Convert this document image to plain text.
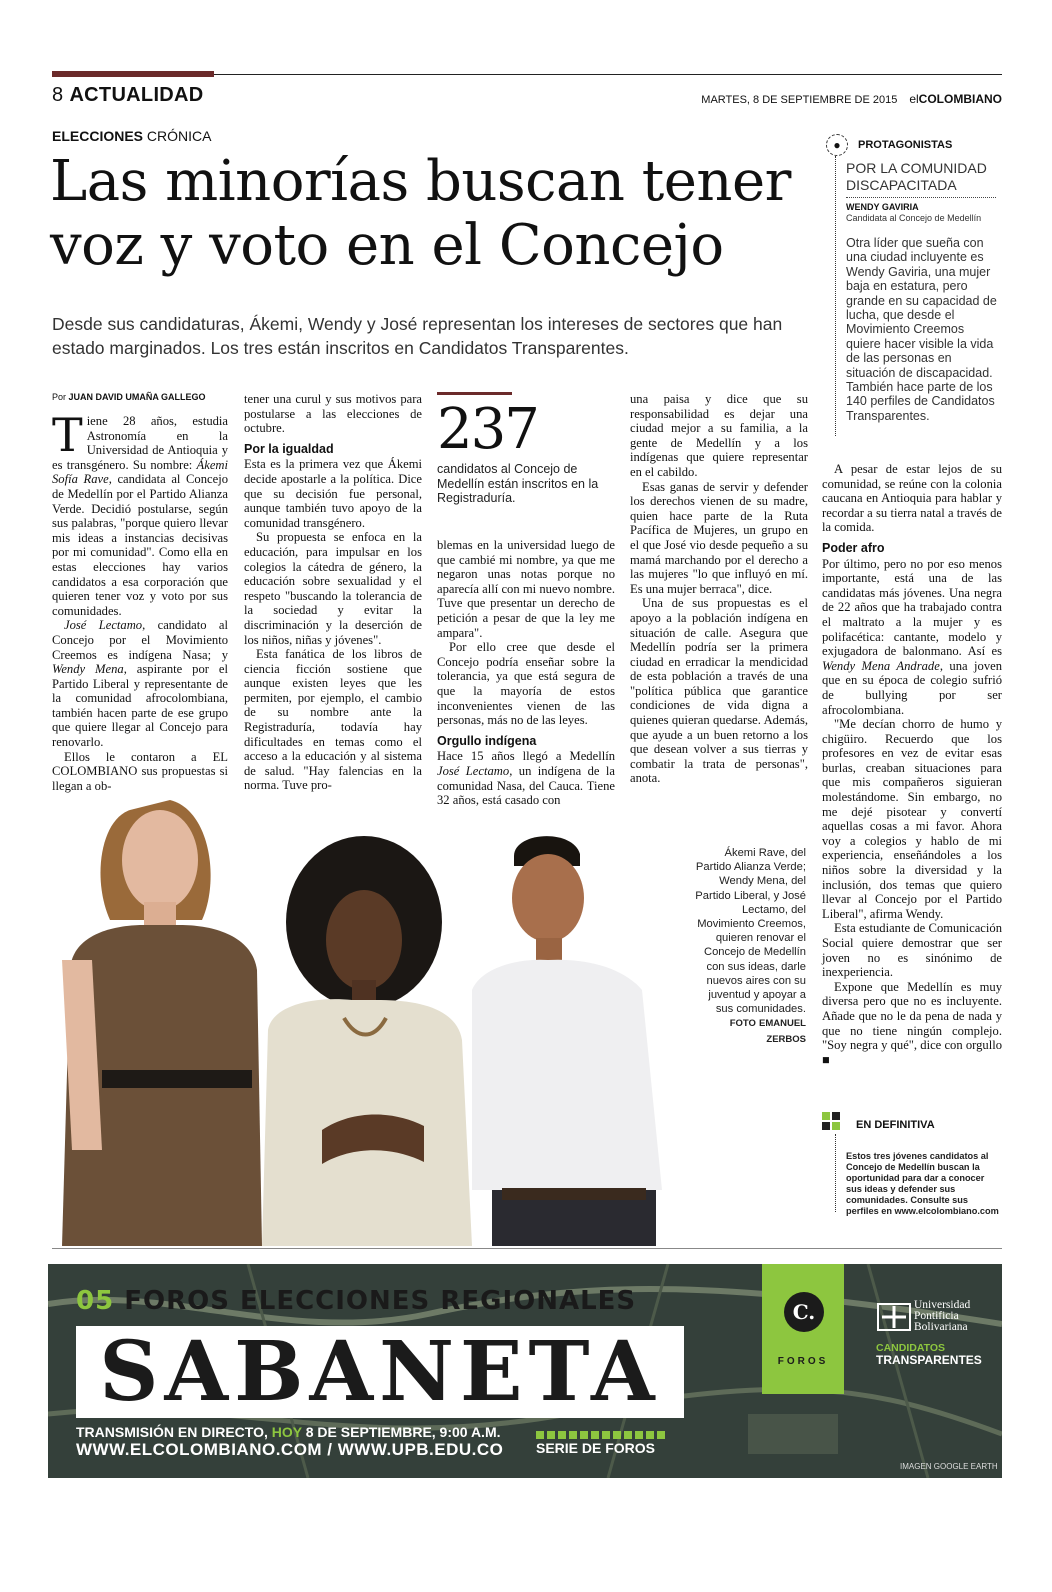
8 ACTUALIDAD	MARTES, 8 DE SEPTIEMBRE DE 2015 elCOLOMBIANO
ELECCIONES CRÓNICA
Las minorías buscan tener voz y voto en el Concejo
Desde sus candidaturas, Ákemi, Wendy y José representan los intereses de sectores que han estado marginados. Los tres están inscritos en Candidatos Transparentes.
Por JUAN DAVID UMAÑA GALLEGO

Tiene 28 años, estudia Astronomía en la Universidad de Antioquia y es transgénero. Su nombre: Ákemi Sofía Rave, candidata al Concejo de Medellín por el Partido Alianza Verde. Decidió postularse, según sus palabras, "porque quiero llevar mis ideas a instancias decisivas por mi comunidad". Como ella en estas elecciones hay varios candidatos a esa corporación que quieren tener voz y voto por sus comunidades.

José Lectamo, candidato al Concejo por el Movimiento Creemos es indígena Nasa; y Wendy Mena, aspirante por el Partido Liberal y representante de la comunidad afrocolombiana, también hacen parte de ese grupo que quiere llegar al Concejo para renovarlo.

Ellos le contaron a EL COLOMBIANO sus propuestas si llegan a ob-

tener una curul y sus motivos para postularse a las elecciones de octubre.

Por la igualdad

Esta es la primera vez que Ákemi decide apostarle a la política. Dice que su decisión fue personal, aunque también tuvo apoyo de la comunidad transgénero.

Su propuesta se enfoca en la educación, para impulsar en los colegios la cátedra de género, la educación sobre sexualidad y el respeto "buscando la tolerancia de la sociedad y evitar la discriminación y la deserción de los niños, niñas y jóvenes".

Esta fanática de los libros de ciencia ficción sostiene que aunque existen leyes que les permiten, por ejemplo, el cambio de su nombre ante la Registraduría, todavía hay dificultades en temas como el acceso a la educación y al sistema de salud. "Hay falencias en la norma. Tuve pro-

237
candidatos al Concejo de Medellín están inscritos en la Registraduría.

blemas en la universidad luego de que cambié mi nombre, ya que me negaron unas notas porque no aparecía allí con mi nuevo nombre. Tuve que presentar un derecho de petición a pesar de que la ley me ampara".

Por ello cree que desde el Concejo podría enseñar sobre la tolerancia, ya que está segura de que la mayoría de estos inconvenientes vienen de las personas, más no de las leyes.

Orgullo indígena

Hace 15 años llegó a Medellín José Lectamo, un indígena de la comunidad Nasa, del Cauca. Tiene 32 años, está casado con

una paisa y dice que su responsabilidad es dejar una ciudad mejor a su familia, a la gente de Medellín y a los indígenas que quiere representar en el cabildo.

Esas ganas de servir y defender los derechos vienen de su madre, quien hace parte de la Ruta Pacífica de Mujeres, un grupo en el que José vio desde pequeño a su mamá marchando por el derecho a las mujeres "lo que influyó en mí. Es una mujer berraca", dice.

Una de sus propuestas es el apoyo a la población indígena en situación de calle. Asegura que Medellín podría ser la primera ciudad en erradicar la mendicidad de esta población a través de una "política pública que garantice condiciones de vida digna a quienes quieran quedarse. Además, que ayude a un buen retorno a los que desean volver a sus tierras y combatir la trata de personas", anota.

●	PROTAGONISTAS
POR LA COMUNIDAD DISCAPACITADA
WENDY GAVIRIA
Candidata al Concejo de Medellín
Otra líder que sueña con una ciudad incluyente es Wendy Gaviria, una mujer baja en estatura, pero grande en su capacidad de lucha, que desde el Movimiento Creemos quiere hacer visible la vida de las personas en situación de discapacidad. También hace parte de los 140 perfiles de Candidatos Transparentes.

A pesar de estar lejos de su comunidad, se reúne con la colonia caucana en Antioquia para hablar y recordar a su tierra natal a través de la comida.

Poder afro

Por último, pero no por eso menos importante, está una de las candidatas más jóvenes. Una negra de 22 años que ha trabajado contra el maltrato a la mujer y es polifacética: cantante, modelo y exjugadora de balonmano. Así es Wendy Mena Andrade, una joven que en su época de colegio sufrió de bullying por ser afrocolombiana.

"Me decían chorro de humo y chigüiro. Recuerdo que los profesores en vez de evitar esas burlas, creaban situaciones para que mis compañeros siguieran molestándome. Sin embargo, no me dejé pisotear y convertí aquellas cosas a mi favor. Ahora voy a colegios y hablo de mi experiencia, enseñándoles a los niños sobre la diversidad y la inclusión, dos temas que quiero llevar al Concejo por el Partido Liberal", afirma Wendy.

Esta estudiante de Comunicación Social quiere demostrar que ser joven no es sinónimo de inexperiencia.

Expone que Medellín es muy diversa pero que no es incluyente. Añade que no le da pena de nada y que no tiene ningún complejo. "Soy negra y qué", dice con orgullo ■

Ákemi Rave, del Partido Alianza Verde; Wendy Mena, del Partido Liberal, y José Lectamo, del Movimiento Creemos, quieren renovar el Concejo de Medellín con sus ideas, darle nuevos aires con su juventud y apoyar a sus comunidades. FOTO EMANUEL ZERBOS
EN DEFINITIVA
Estos tres jóvenes candidatos al Concejo de Medellín buscan la oportunidad para dar a conocer sus ideas y defender sus comunidades. Consulte sus perfiles en www.elcolombiano.com
05 FOROS ELECCIONES REGIONALES
SABANETA
TRANSMISIÓN EN DIRECTO, HOY 8 DE SEPTIEMBRE, 9:00 A.M.
WWW.ELCOLOMBIANO.COM / WWW.UPB.EDU.CO SERIE DE FOROS
C.
FOROS
Universidad
Pontificia
Bolivariana
CANDIDATOS
TRANSPARENTES
IMAGEN GOOGLE EARTH
